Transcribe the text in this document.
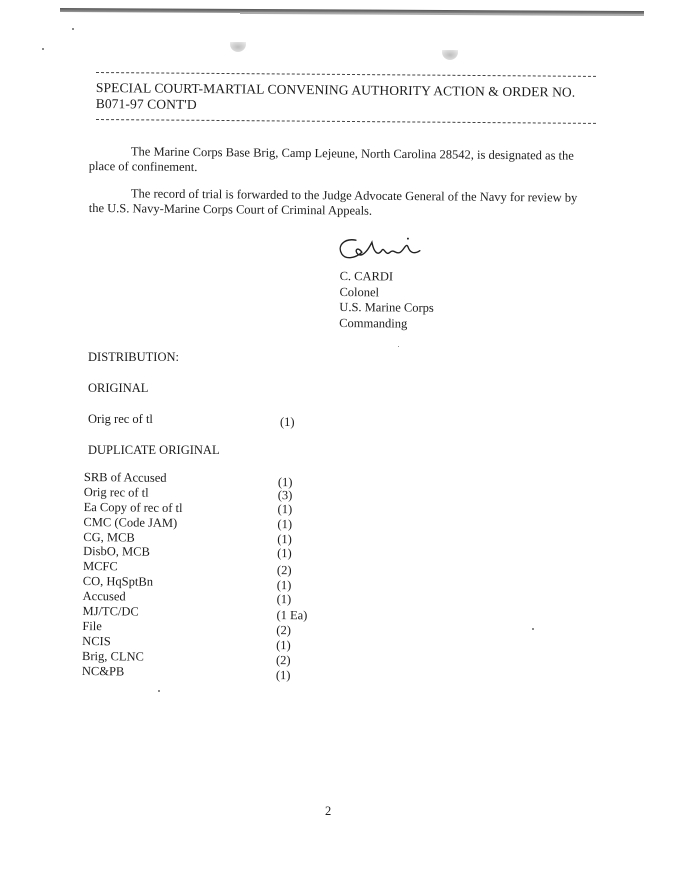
SPECIAL COURT-MARTIAL CONVENING AUTHORITY ACTION & ORDER NO.
B071-97 CONT'D

The Marine Corps Base Brig, Camp Lejeune, North Carolina 28542, is designated as the place of confinement.

The record of trial is forwarded to the Judge Advocate General of the Navy for review by the U.S. Navy-Marine Corps Court of Criminal Appeals.

C. CARDI
Colonel
U.S. Marine Corps
Commanding
DISTRIBUTION:
ORIGINAL
Orig rec of tl	(1)
DUPLICATE ORIGINAL
SRB of Accused	(1)
Orig rec of tl	(3)
Ea Copy of rec of tl	(1)
CMC (Code JAM)	(1)
CG, MCB	(1)
DisbO, MCB	(1)
MCFC	(2)
CO, HqSptBn	(1)
Accused	(1)
MJ/TC/DC	(1 Ea)
File	(2)
NCIS	(1)
Brig, CLNC	(2)
NC&PB	(1)
2
